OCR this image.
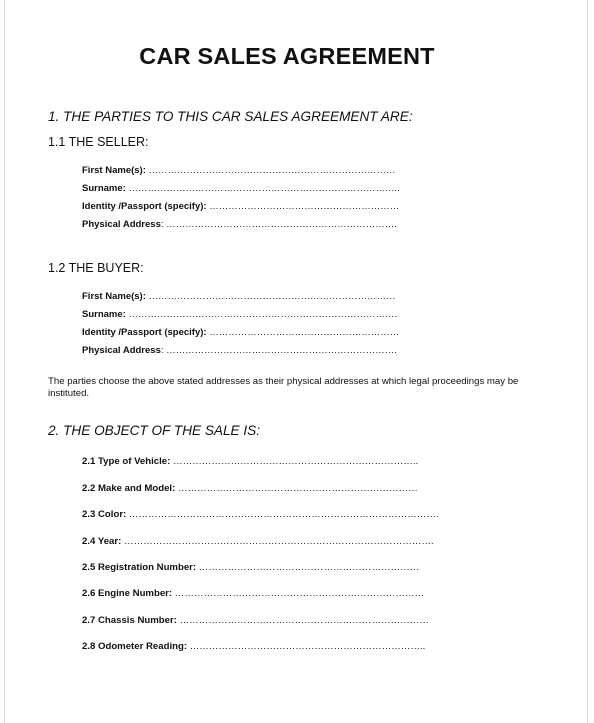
CAR SALES AGREEMENT
1. THE PARTIES TO THIS CAR SALES AGREEMENT ARE:
1.1 THE SELLER:
First Name(s): ……………………………………………………………………
Surname: …………………………………………………………………………..
Identity /Passport (specify): ……………………………………………………
Physical Address: ……………………………………………………………….
1.2 THE BUYER:
First Name(s): ……………………………………………………………………
Surname: ………………………………………………………………………….
Identity /Passport (specify): ……………………………………………………
Physical Address: ……………………………………………………………….
The parties choose the above stated addresses as their physical addresses at which legal proceedings may be instituted.
2. THE OBJECT OF THE SALE IS:
2.1 Type of Vehicle: …………………………………………………………………..
2.2 Make and Model: …………………………………………………………………
2.3 Color: …………………………………………………………………………………….
2.4 Year: …………………………………………………………………………………….
2.5 Registration Number: ……………………………………………………………
2.6 Engine Number: ……………………………………………………………………
2.7 Chassis Number: ……………………………………………………………………
2.8 Odometer Reading: ………………………………………………………………..
